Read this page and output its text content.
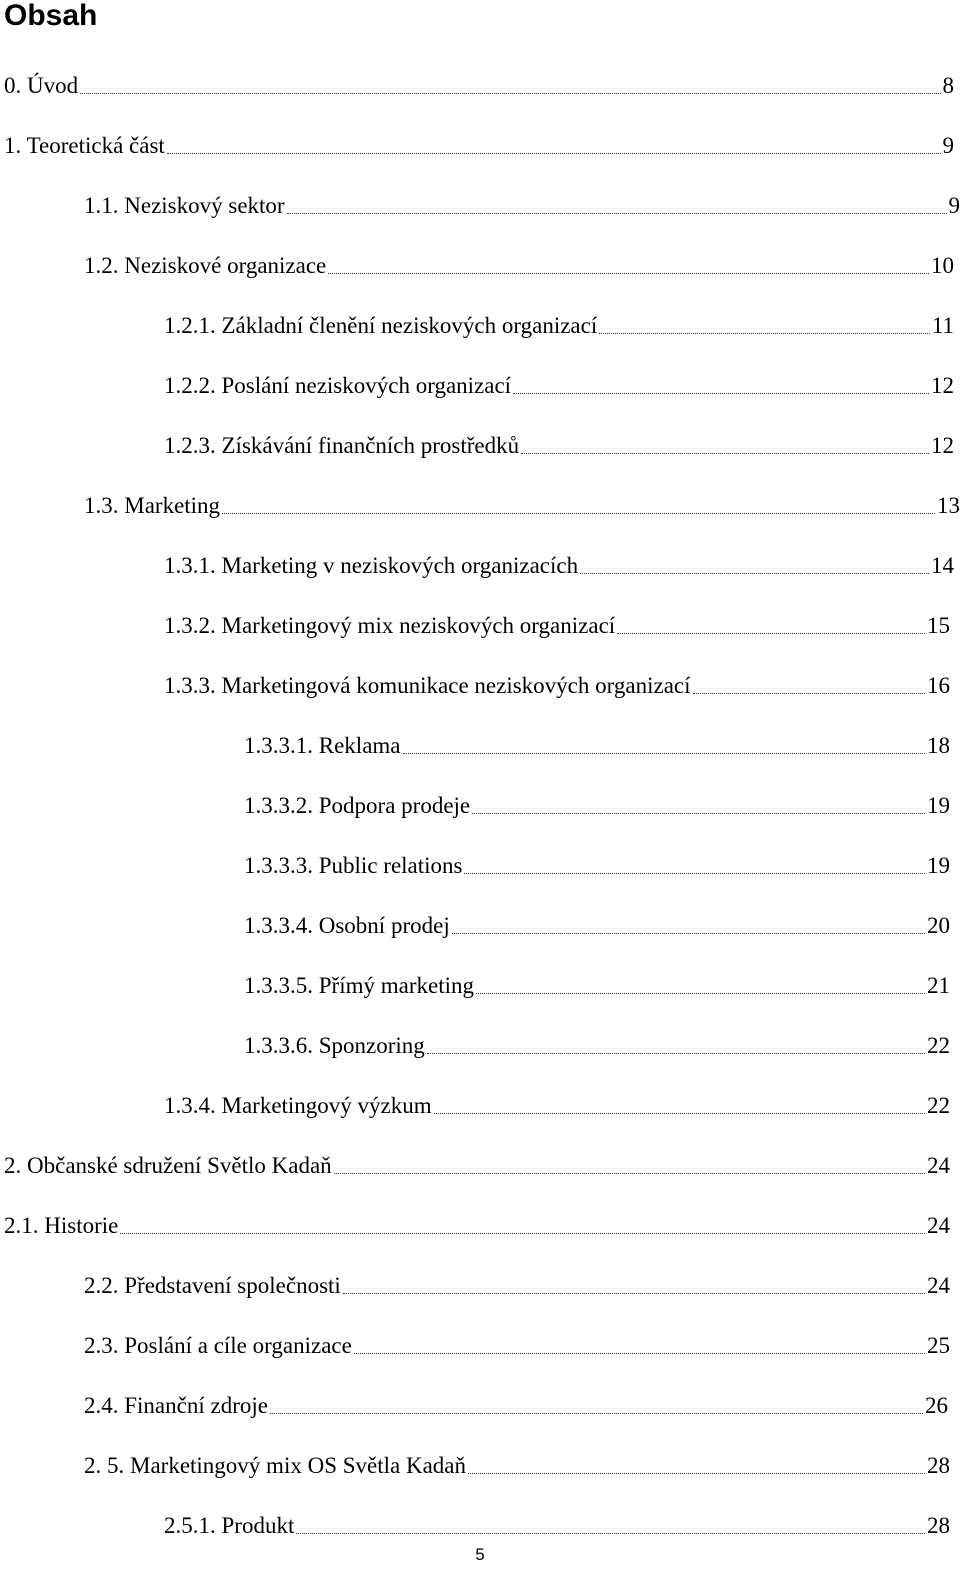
Obsah
0. Úvod	8
1. Teoretická část	9
1.1. Neziskový sektor	9
1.2. Neziskové organizace	10
1.2.1. Základní členění neziskových organizací	11
1.2.2. Poslání neziskových organizací	12
1.2.3. Získávání finančních prostředků	12
1.3. Marketing	13
1.3.1. Marketing v neziskových organizacích	14
1.3.2. Marketingový mix neziskových organizací	15
1.3.3. Marketingová komunikace neziskových organizací	16
1.3.3.1. Reklama	18
1.3.3.2. Podpora prodeje	19
1.3.3.3. Public relations	19
1.3.3.4. Osobní prodej	20
1.3.3.5. Přímý marketing	21
1.3.3.6. Sponzoring	22
1.3.4. Marketingový výzkum	22
2. Občanské sdružení Světlo Kadaň	24
2.1. Historie	24
2.2. Představení společnosti	24
2.3. Poslání a cíle organizace	25
2.4. Finanční zdroje	26
2. 5. Marketingový mix OS Světla Kadaň	28
2.5.1. Produkt	28
5
